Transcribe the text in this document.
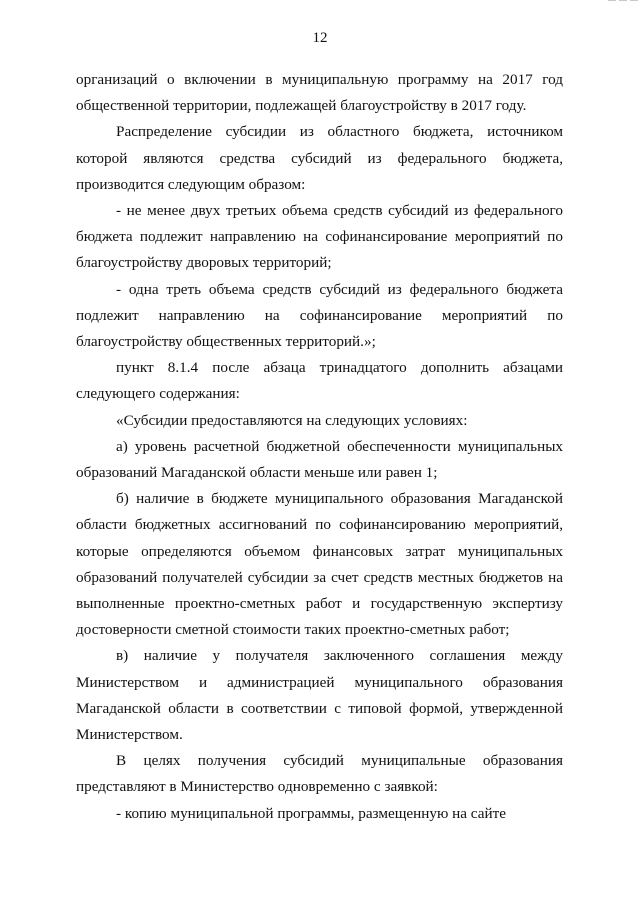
12

организаций о включении в муниципальную программу на 2017 год общественной территории, подлежащей благоустройству в 2017 году.

Распределение субсидии из областного бюджета, источником которой являются средства субсидий из федерального бюджета, производится следующим образом:

- не менее двух третьих объема средств субсидий из федерального бюджета подлежит направлению на софинансирование мероприятий по благоустройству дворовых территорий;

- одна треть объема средств субсидий из федерального бюджета подлежит направлению на софинансирование мероприятий по благоустройству общественных территорий.»;

пункт 8.1.4 после абзаца тринадцатого дополнить абзацами следующего содержания:

«Субсидии предоставляются на следующих условиях:

а) уровень расчетной бюджетной обеспеченности муниципальных образований Магаданской области меньше или равен 1;

б) наличие в бюджете муниципального образования Магаданской области бюджетных ассигнований по софинансированию мероприятий, которые определяются объемом финансовых затрат муниципальных образований получателей субсидии за счет средств местных бюджетов на выполненные проектно-сметных работ и государственную экспертизу достоверности сметной стоимости таких проектно-сметных работ;

в) наличие у получателя заключенного соглашения между Министерством и администрацией муниципального образования Магаданской области в соответствии с типовой формой, утвержденной Министерством.

В целях получения субсидий муниципальные образования представляют в Министерство одновременно с заявкой:

- копию муниципальной программы, размещенную на сайте
